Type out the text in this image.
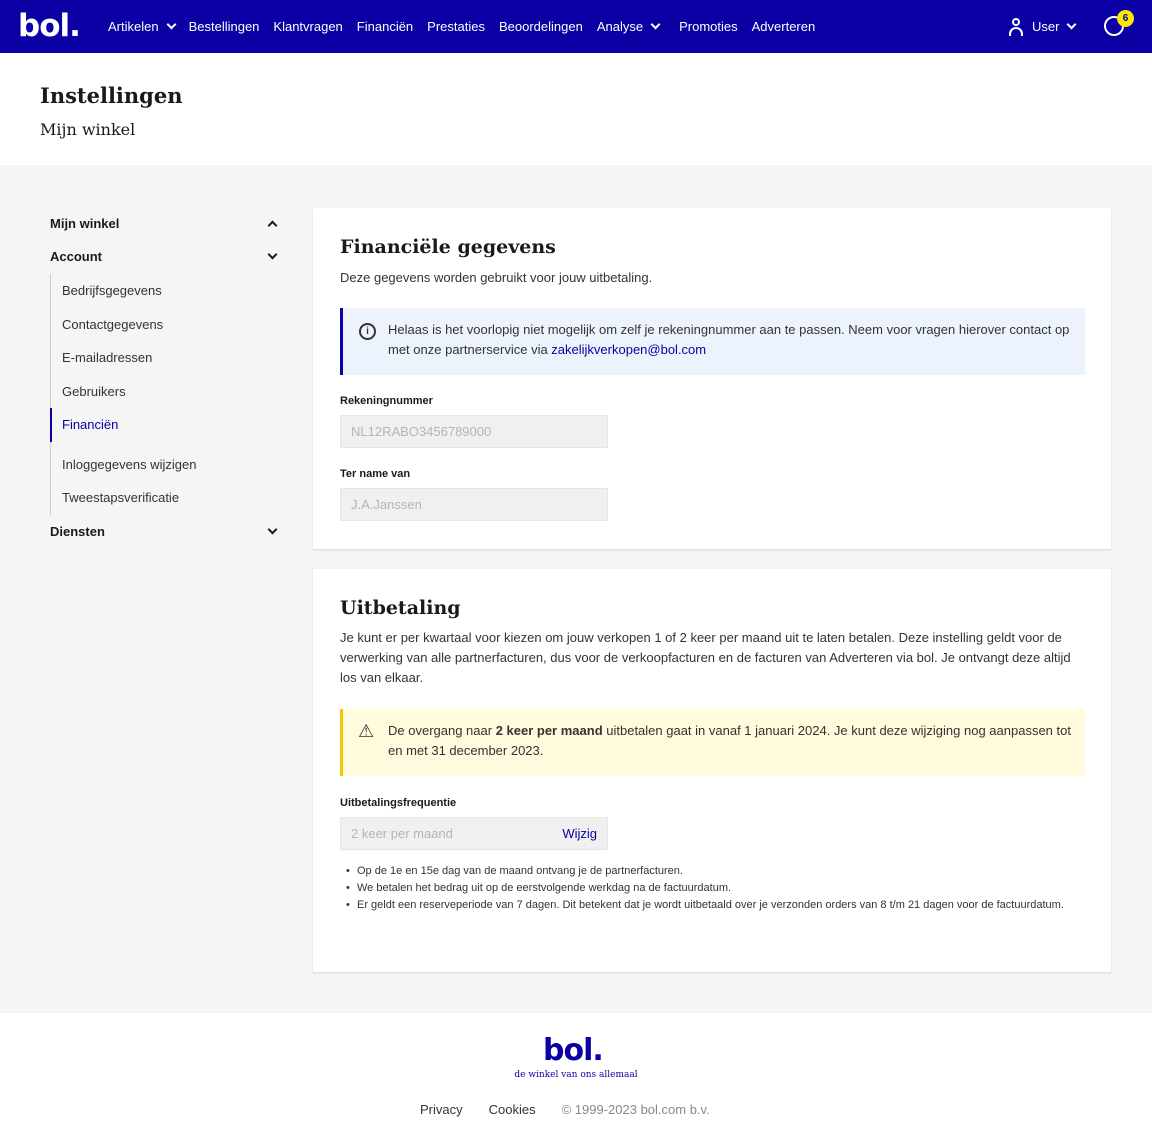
bol. Artikelen Bestellingen Klantvragen Financiën Prestaties Beoordelingen Analyse	Promoties Adverteren	User
6
Instellingen
Mijn winkel
Mijn winkel
Account
Bedrijfsgegevens
Contactgegevens
E-mailadressen
Gebruikers
Financiën
Inloggegevens wijzigen
Tweestapsverificatie
Diensten
Financiële gegevens
Deze gegevens worden gebruikt voor jouw uitbetaling.
i	Helaas is het voorlopig niet mogelijk om zelf je rekeningnummer aan te passen. Neem voor vragen hierover contact op met onze partnerservice via zakelijkverkopen@bol.com
Rekeningnummer
NL12RABO3456789000
Ter name van
J.A.Janssen
Uitbetaling
Je kunt er per kwartaal voor kiezen om jouw verkopen 1 of 2 keer per maand uit te laten betalen. Deze instelling geldt voor de verwerking van alle partnerfacturen, dus voor de verkoopfacturen en de facturen van Adverteren via bol. Je ontvangt deze altijd los van elkaar.
⚠ De overgang naar 2 keer per maand uitbetalen gaat in vanaf 1 januari 2024. Je kunt deze wijziging nog aanpassen tot en met 31 december 2023.
Uitbetalingsfrequentie
2 keer per maand	Wijzig
• Op de 1e en 15e dag van de maand ontvang je de partnerfacturen.
• We betalen het bedrag uit op de eerstvolgende werkdag na de factuurdatum.
• Er geldt een reserveperiode van 7 dagen. Dit betekent dat je wordt uitbetaald over je verzonden orders van 8 t/m 21 dagen voor de factuurdatum.
bol.
de winkel van ons allemaal
Privacy Cookies © 1999-2023 bol.com b.v.
